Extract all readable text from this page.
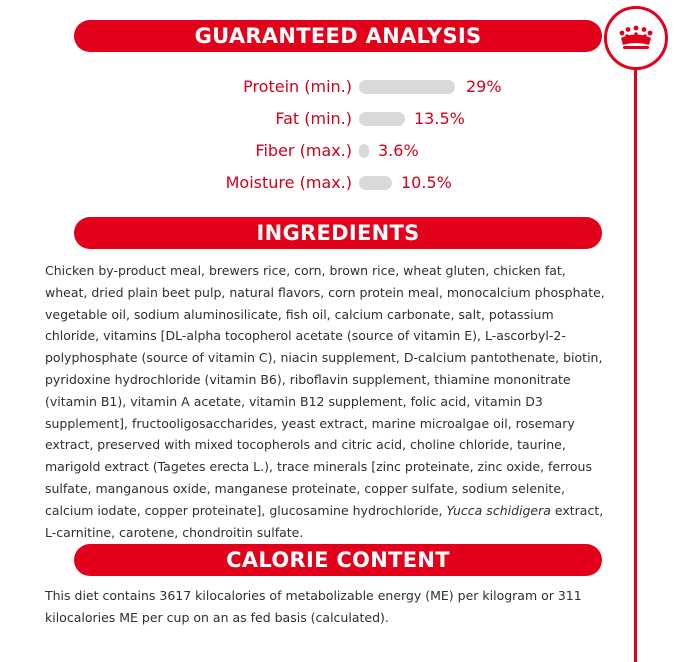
GUARANTEED ANALYSIS
Protein (min.)	29%
Fat (min.)	13.5%
Fiber (max.) 3.6%
Moisture (max.)	10.5%
INGREDIENTS
Chicken by-product meal, brewers rice, corn, brown rice, wheat gluten, chicken fat, wheat, dried plain beet pulp, natural flavors, corn protein meal, monocalcium phosphate, vegetable oil, sodium aluminosilicate, fish oil, calcium carbonate, salt, potassium chloride, vitamins [DL-alpha tocopherol acetate (source of vitamin E), L-ascorbyl-2-polyphosphate (source of vitamin C), niacin supplement, D-calcium pantothenate, biotin, pyridoxine hydrochloride (vitamin B6), riboflavin supplement, thiamine mononitrate (vitamin B1), vitamin A acetate, vitamin B12 supplement, folic acid, vitamin D3 supplement], fructooligosaccharides, yeast extract, marine microalgae oil, rosemary extract, preserved with mixed tocopherols and citric acid, choline chloride, taurine, marigold extract (Tagetes erecta L.), trace minerals [zinc proteinate, zinc oxide, ferrous sulfate, manganous oxide, manganese proteinate, copper sulfate, sodium selenite, calcium iodate, copper proteinate], glucosamine hydrochloride, Yucca schidigera extract, L-carnitine, carotene, chondroitin sulfate.
CALORIE CONTENT
This diet contains 3617 kilocalories of metabolizable energy (ME) per kilogram or 311 kilocalories ME per cup on an as fed basis (calculated).
